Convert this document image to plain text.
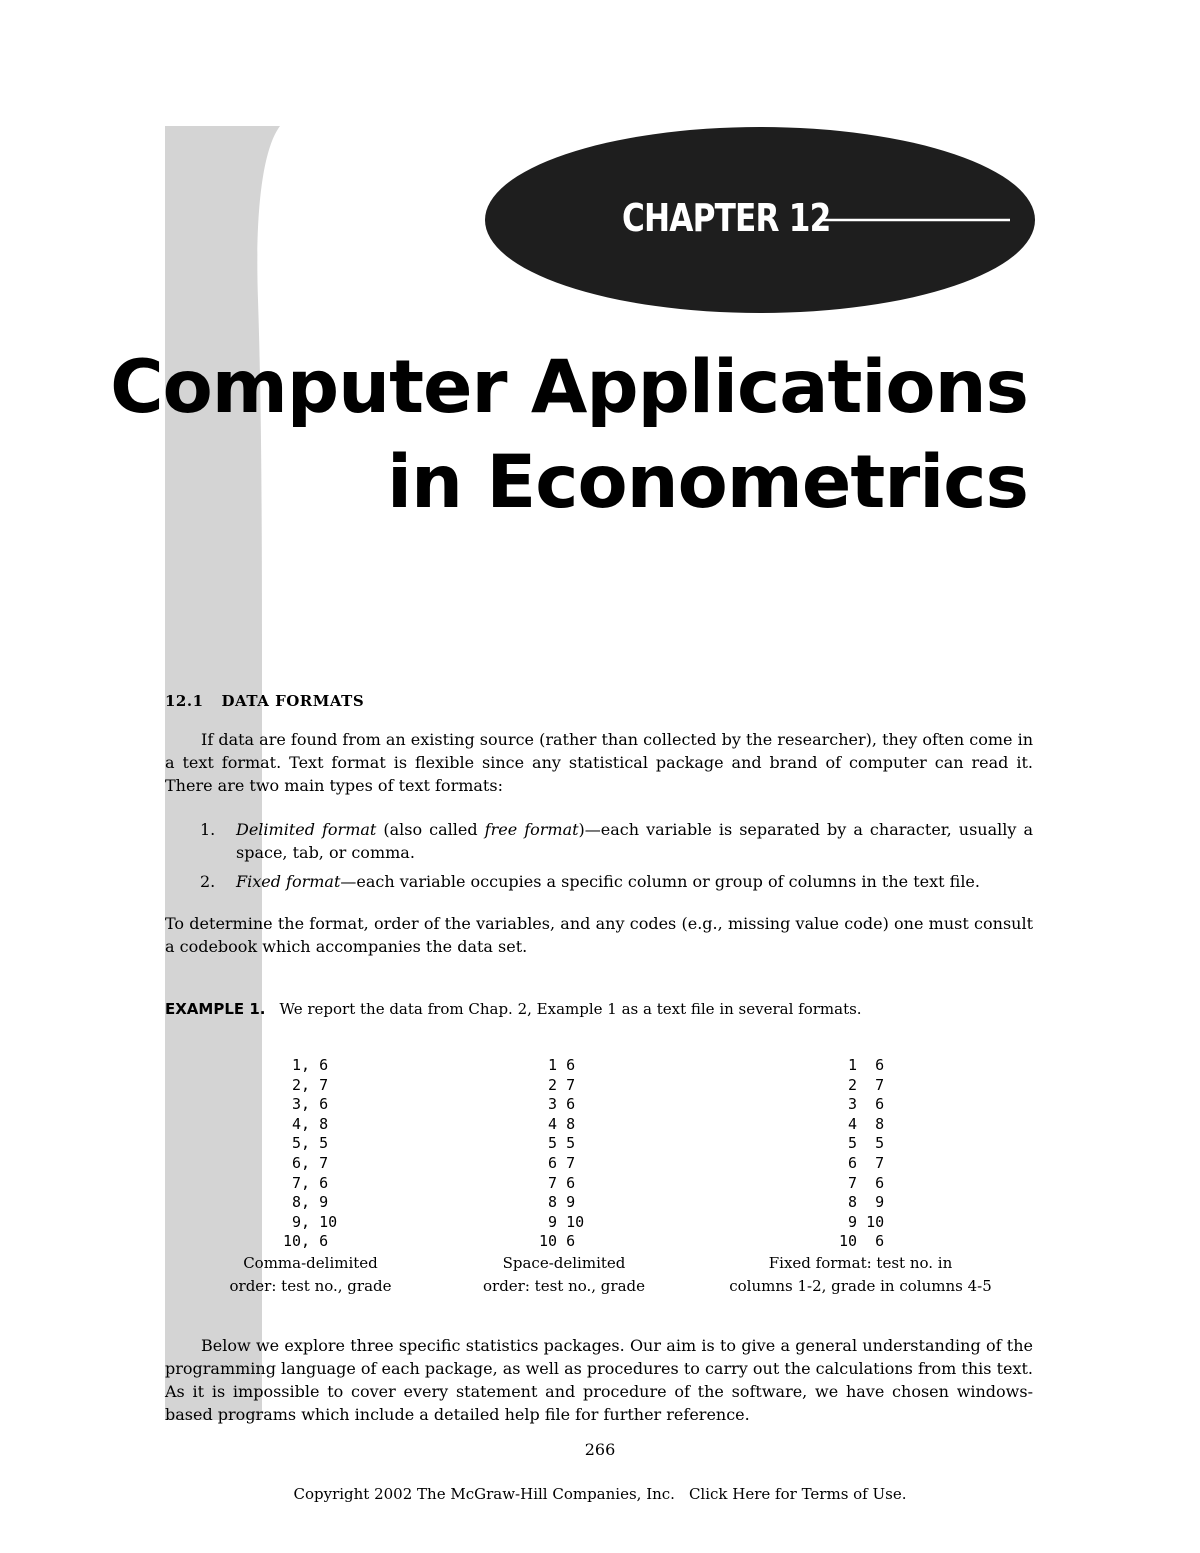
CHAPTER 12
Computer Applications
in Econometrics
12.1 DATA FORMATS

If data are found from an existing source (rather than collected by the researcher), they often come in a text format. Text format is flexible since any statistical package and brand of computer can read it. There are two main types of text formats:

1. Delimited format (also called free format)—each variable is separated by a character, usually a space, tab, or comma.
2. Fixed format—each variable occupies a specific column or group of columns in the text file.

To determine the format, order of the variables, and any codes (e.g., missing value code) one must consult a codebook which accompanies the data set.

EXAMPLE 1. We report the data from Chap. 2, Example 1 as a text file in several formats.
1, 6
2, 7
3, 6
4, 8
5, 5
6, 7
7, 6
8, 9
9, 10
10, 6
Comma-delimited
order: test no., grade
1 6
2 7
3 6
4 8
5 5
6 7
7 6
8 9
9 10
10 6
Space-delimited
order: test no., grade
1  6
2  7
3  6
4  8
5  5
6  7
7  6
8  9
9 10
10  6
Fixed format: test no. in
columns 1-2, grade in columns 4-5

Below we explore three specific statistics packages. Our aim is to give a general understanding of the programming language of each package, as well as procedures to carry out the calculations from this text. As it is impossible to cover every statement and procedure of the software, we have chosen windows-based programs which include a detailed help file for further reference.

266
Copyright 2002 The McGraw-Hill Companies, Inc. Click Here for Terms of Use.
